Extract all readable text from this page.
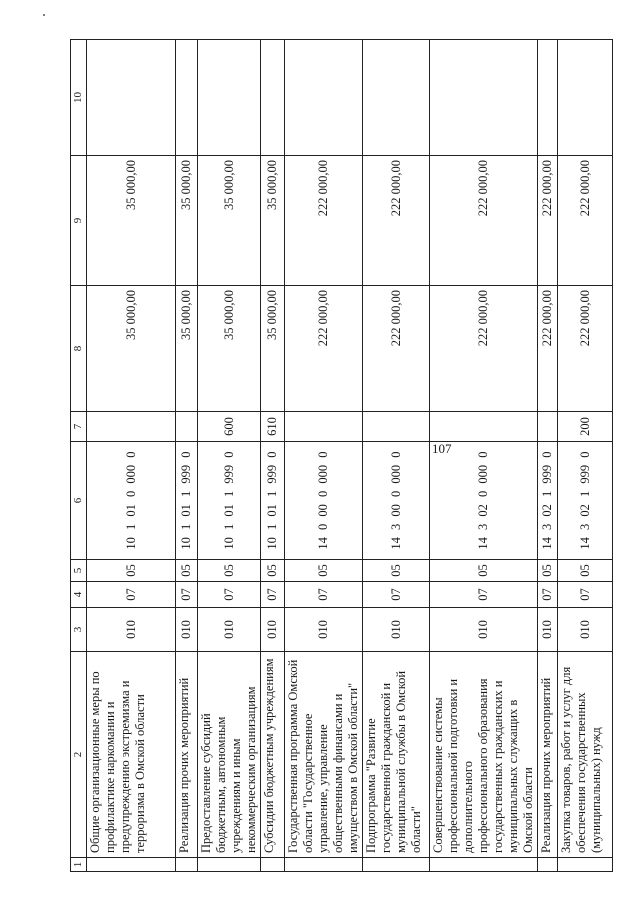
107
1	2	3	4	5	6	7	8	9	10
	Общие организационные меры по профилактике наркомании и предупреждению экстремизма и терроризма в Омской области	010	07	05	10 1 01 0 000 0		35 000,00	35 000,00	
	Реализация прочих мероприятий	010	07	05	10 1 01 1 999 0		35 000,00	35 000,00	
	Предоставление субсидий бюджетным, автономным учреждениям и иным некоммерческим организациям	010	07	05	10 1 01 1 999 0	600	35 000,00	35 000,00	
	Субсидии бюджетным учреждениям	010	07	05	10 1 01 1 999 0	610	35 000,00	35 000,00	
	Государственная программа Омской области "Государственное управление, управление общественными финансами и имуществом в Омской области"	010	07	05	14 0 00 0 000 0		222 000,00	222 000,00	
	Подпрограмма "Развитие государственной гражданской и муниципальной службы в Омской области"	010	07	05	14 3 00 0 000 0		222 000,00	222 000,00	
	Совершенствование системы профессиональной подготовки и дополнительного профессионального образования государственных гражданских и муниципальных служащих в Омской области	010	07	05	14 3 02 0 000 0		222 000,00	222 000,00	
	Реализация прочих мероприятий	010	07	05	14 3 02 1 999 0		222 000,00	222 000,00	
	Закупка товаров, работ и услуг для обеспечения государственных (муниципальных) нужд	010	07	05	14 3 02 1 999 0	200	222 000,00	222 000,00	
